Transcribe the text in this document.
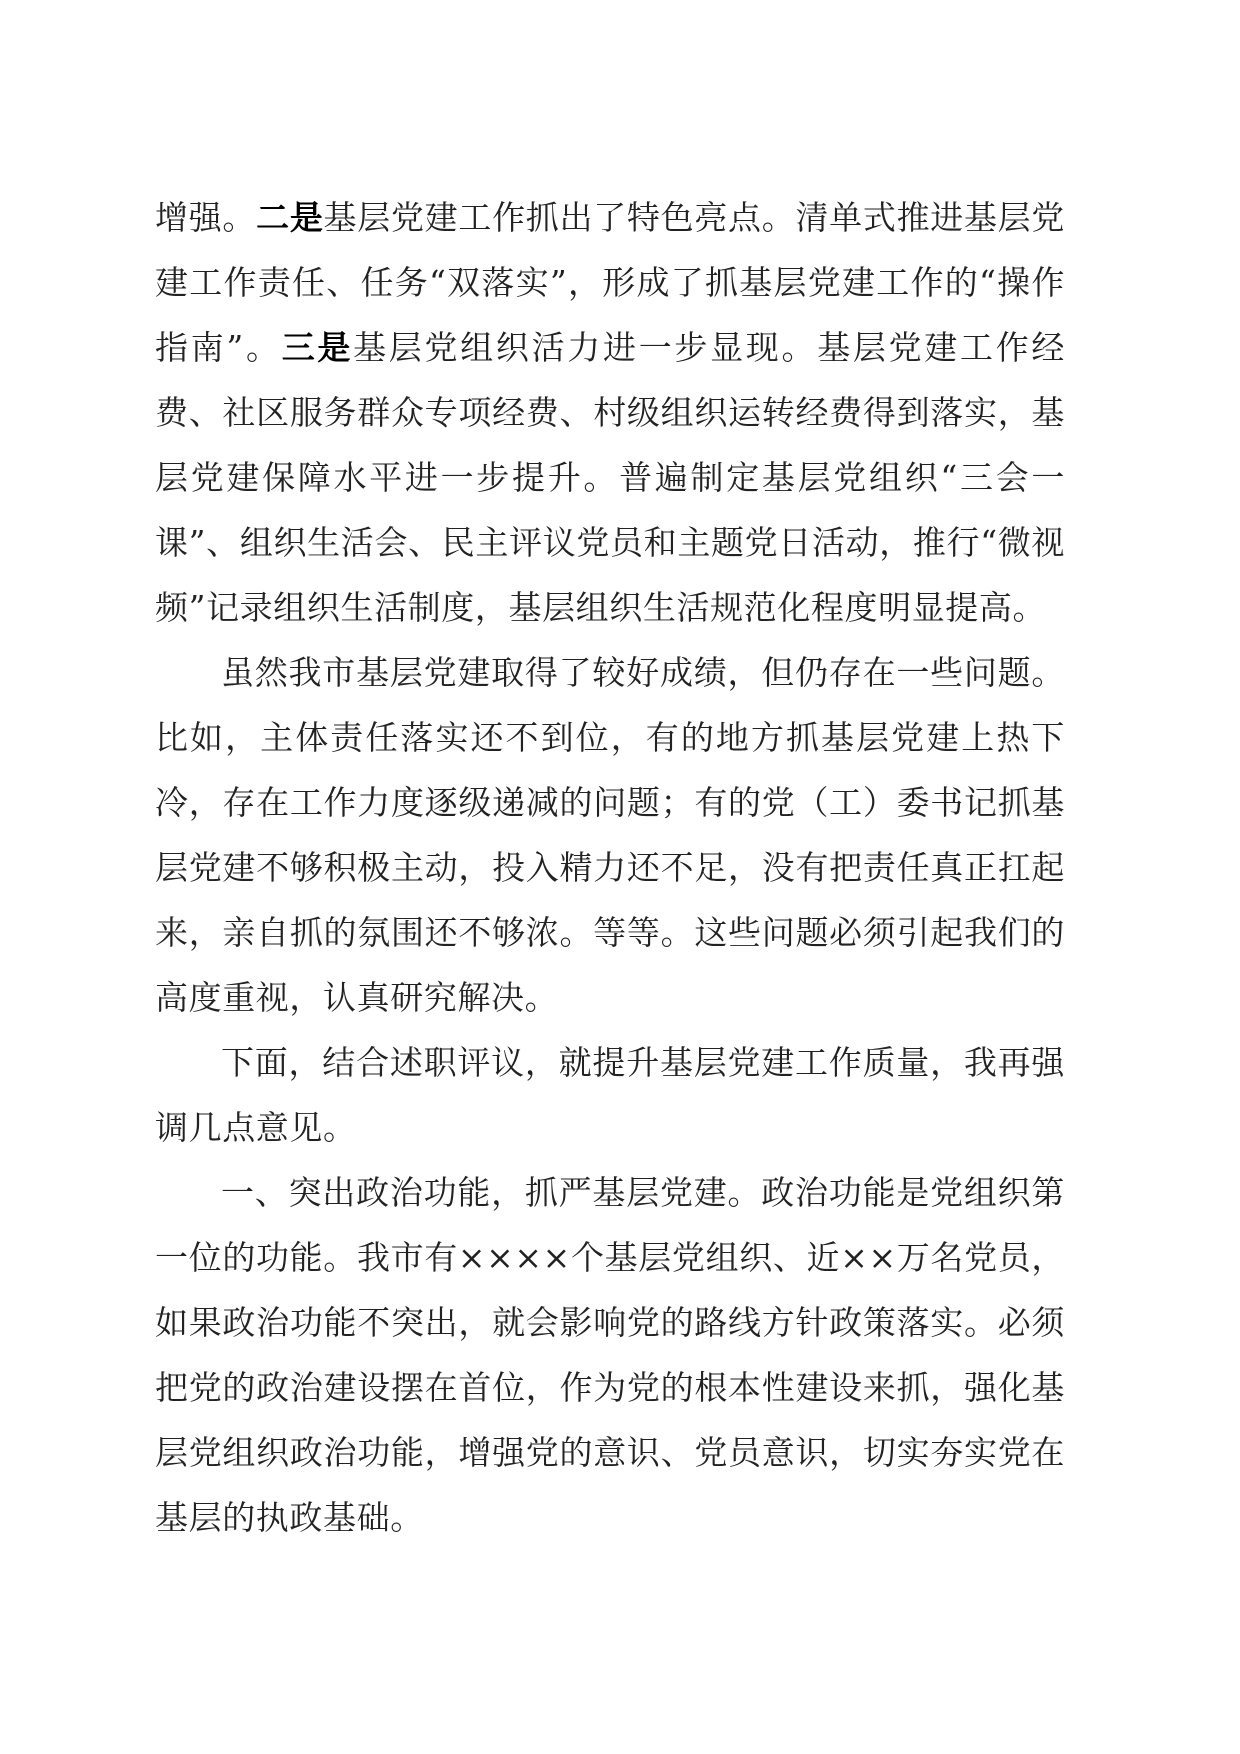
增强。二是基层党建工作抓出了特色亮点。清单式推进基层党建工作责任、任务“双落实”，形成了抓基层党建工作的“操作指南”。三是基层党组织活力进一步显现。基层党建工作经费、社区服务群众专项经费、村级组织运转经费得到落实，基层党建保障水平进一步提升。普遍制定基层党组织“三会一课”、组织生活会、民主评议党员和主题党日活动，推行“微视频”记录组织生活制度，基层组织生活规范化程度明显提高。

虽然我市基层党建取得了较好成绩，但仍存在一些问题。比如，主体责任落实还不到位，有的地方抓基层党建上热下冷，存在工作力度逐级递减的问题；有的党（工）委书记抓基层党建不够积极主动，投入精力还不足，没有把责任真正扛起来，亲自抓的氛围还不够浓。等等。这些问题必须引起我们的高度重视，认真研究解决。

下面，结合述职评议，就提升基层党建工作质量，我再强调几点意见。

一、突出政治功能，抓严基层党建。政治功能是党组织第一位的功能。我市有××××个基层党组织、近××万名党员，如果政治功能不突出，就会影响党的路线方针政策落实。必须把党的政治建设摆在首位，作为党的根本性建设来抓，强化基层党组织政治功能，增强党的意识、党员意识，切实夯实党在基层的执政基础。
